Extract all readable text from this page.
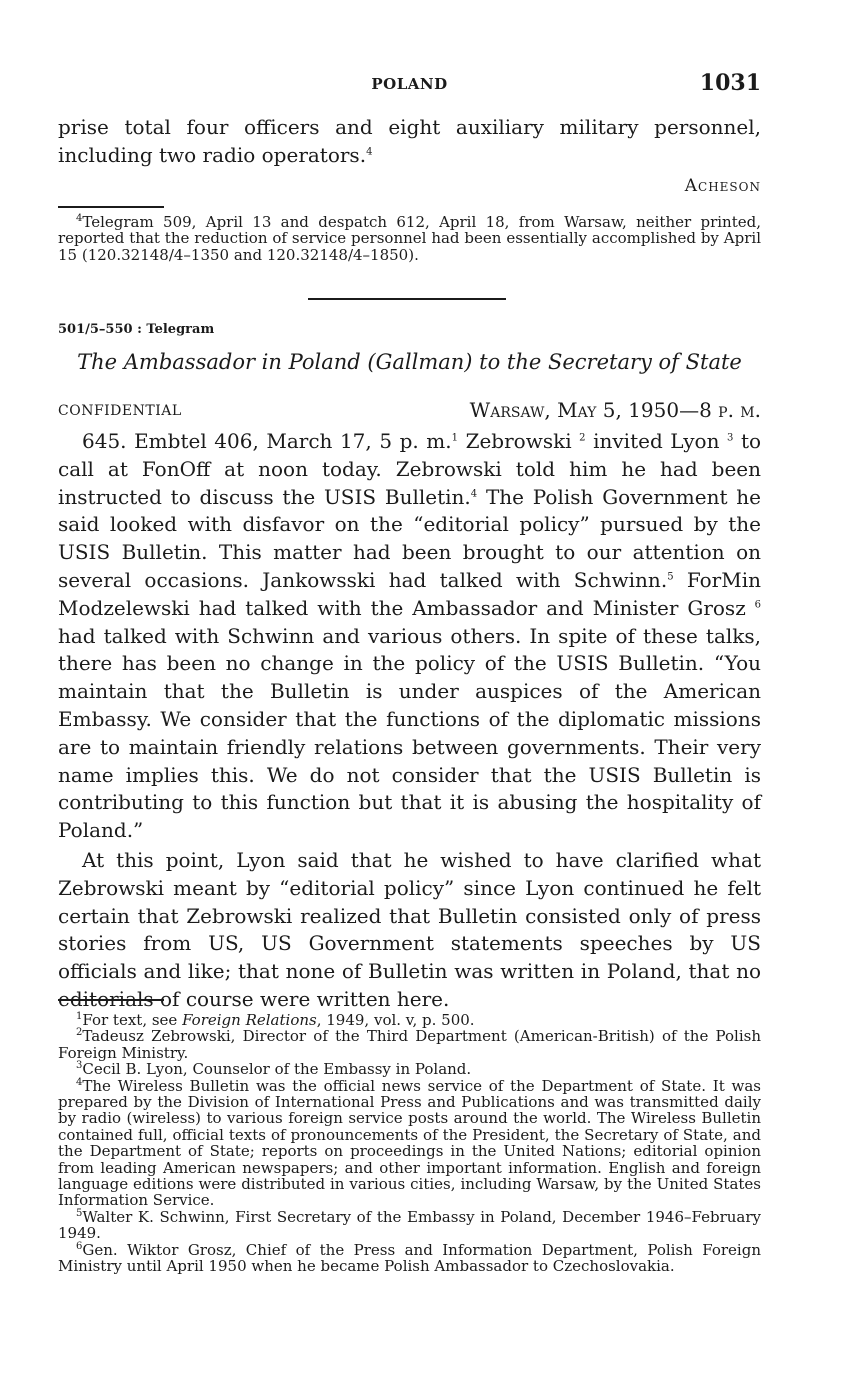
POLAND	1031

prise total four officers and eight auxiliary military personnel, including two radio operators.$^4$

Acheson

$^4$Telegram 509, April 13 and despatch 612, April 18, from Warsaw, neither printed, reported that the reduction of service personnel had been essentially accomplished by April 15 (120.32148/4–1350 and 120.32148/4–1850).

501/5–550 : Telegram
The Ambassador in Poland (Gallman) to the Secretary of State
CONFIDENTIAL	Warsaw, May 5, 1950—8 p. m.

645. Embtel 406, March 17, 5 p. m.$^1$ Zebrowski $^2$ invited Lyon $^3$ to call at FonOff at noon today. Zebrowski told him he had been instructed to discuss the USIS Bulletin.$^4$ The Polish Government he said looked with disfavor on the “editorial policy” pursued by the USIS Bulletin. This matter had been brought to our attention on several occasions. Jankowsski had talked with Schwinn.$^5$ ForMin Modzelewski had talked with the Ambassador and Minister Grosz $^6$ had talked with Schwinn and various others. In spite of these talks, there has been no change in the policy of the USIS Bulletin. “You maintain that the Bulletin is under auspices of the American Embassy. We consider that the functions of the diplomatic missions are to maintain friendly relations between governments. Their very name implies this. We do not consider that the USIS Bulletin is contributing to this function but that it is abusing the hospitality of Poland.”

At this point, Lyon said that he wished to have clarified what Zebrowski meant by “editorial policy” since Lyon continued he felt certain that Zebrowski realized that Bulletin consisted only of press stories from US, US Government statements speeches by US officials and like; that none of Bulletin was written in Poland, that no editorials of course were written here.

$^1$For text, see Foreign Relations, 1949, vol. v, p. 500.

$^2$Tadeusz Zebrowski, Director of the Third Department (American-British) of the Polish Foreign Ministry.

$^3$Cecil B. Lyon, Counselor of the Embassy in Poland.

$^4$The Wireless Bulletin was the official news service of the Department of State. It was prepared by the Division of International Press and Publications and was transmitted daily by radio (wireless) to various foreign service posts around the world. The Wireless Bulletin contained full, official texts of pronouncements of the President, the Secretary of State, and the Department of State; reports on proceedings in the United Nations; editorial opinion from leading American newspapers; and other important information. English and foreign language editions were distributed in various cities, including Warsaw, by the United States Information Service.

$^5$Walter K. Schwinn, First Secretary of the Embassy in Poland, December 1946–February 1949.

$^6$Gen. Wiktor Grosz, Chief of the Press and Information Department, Polish Foreign Ministry until April 1950 when he became Polish Ambassador to Czechoslovakia.
